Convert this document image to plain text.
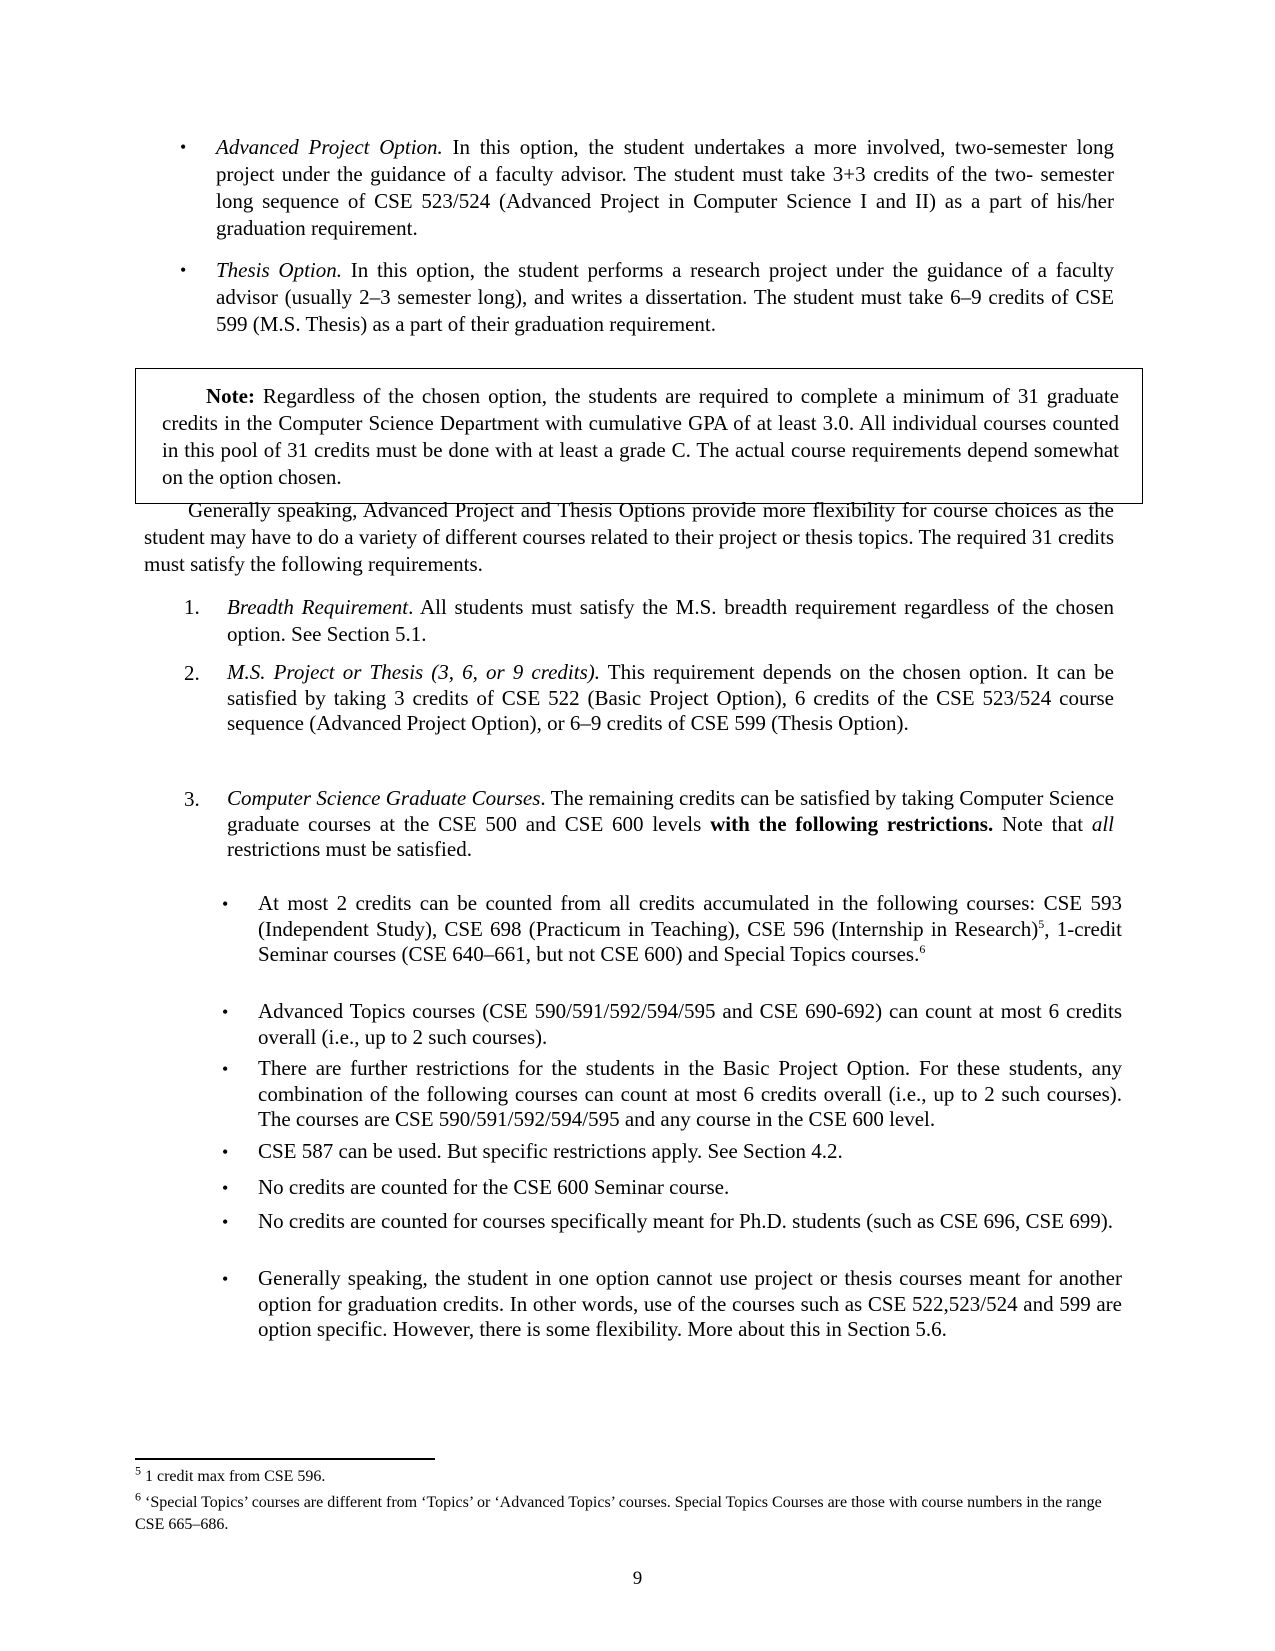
• Advanced Project Option. In this option, the student undertakes a more involved, two-semester long project under the guidance of a faculty advisor. The student must take 3+3 credits of the two- semester long sequence of CSE 523/524 (Advanced Project in Computer Science I and II) as a part of his/her graduation requirement.
• Thesis Option. In this option, the student performs a research project under the guidance of a faculty advisor (usually 2–3 semester long), and writes a dissertation. The student must take 6–9 credits of CSE 599 (M.S. Thesis) as a part of their graduation requirement.
Note: Regardless of the chosen option, the students are required to complete a minimum of 31 graduate credits in the Computer Science Department with cumulative GPA of at least 3.0. All individual courses counted in this pool of 31 credits must be done with at least a grade C. The actual course requirements depend somewhat on the option chosen.
Generally speaking, Advanced Project and Thesis Options provide more flexibility for course choices as the student may have to do a variety of different courses related to their project or thesis topics. The required 31 credits must satisfy the following requirements.
1. Breadth Requirement. All students must satisfy the M.S. breadth requirement regardless of the chosen option. See Section 5.1.
2. M.S. Project or Thesis (3, 6, or 9 credits). This requirement depends on the chosen option. It can be satisfied by taking 3 credits of CSE 522 (Basic Project Option), 6 credits of the CSE 523/524 course sequence (Advanced Project Option), or 6–9 credits of CSE 599 (Thesis Option).
3. Computer Science Graduate Courses. The remaining credits can be satisfied by taking Computer Science graduate courses at the CSE 500 and CSE 600 levels with the following restrictions. Note that all restrictions must be satisfied.
• At most 2 credits can be counted from all credits accumulated in the following courses: CSE 593 (Independent Study), CSE 698 (Practicum in Teaching), CSE 596 (Internship in Research)$^5$, 1-credit Seminar courses (CSE 640–661, but not CSE 600) and Special Topics courses.$^6$
• Advanced Topics courses (CSE 590/591/592/594/595 and CSE 690-692) can count at most 6 credits overall (i.e., up to 2 such courses).
• There are further restrictions for the students in the Basic Project Option. For these students, any combination of the following courses can count at most 6 credits overall (i.e., up to 2 such courses). The courses are CSE 590/591/592/594/595 and any course in the CSE 600 level.
• CSE 587 can be used. But specific restrictions apply. See Section 4.2.
• No credits are counted for the CSE 600 Seminar course.
• No credits are counted for courses specifically meant for Ph.D. students (such as CSE 696, CSE 699).
• Generally speaking, the student in one option cannot use project or thesis courses meant for another option for graduation credits. In other words, use of the courses such as CSE 522,523/524 and 599 are option specific. However, there is some flexibility. More about this in Section 5.6.
$^5$ 1 credit max from CSE 596.
$^6$ ‘Special Topics’ courses are different from ‘Topics’ or ‘Advanced Topics’ courses. Special Topics Courses are those with course numbers in the range CSE 665–686.
9
